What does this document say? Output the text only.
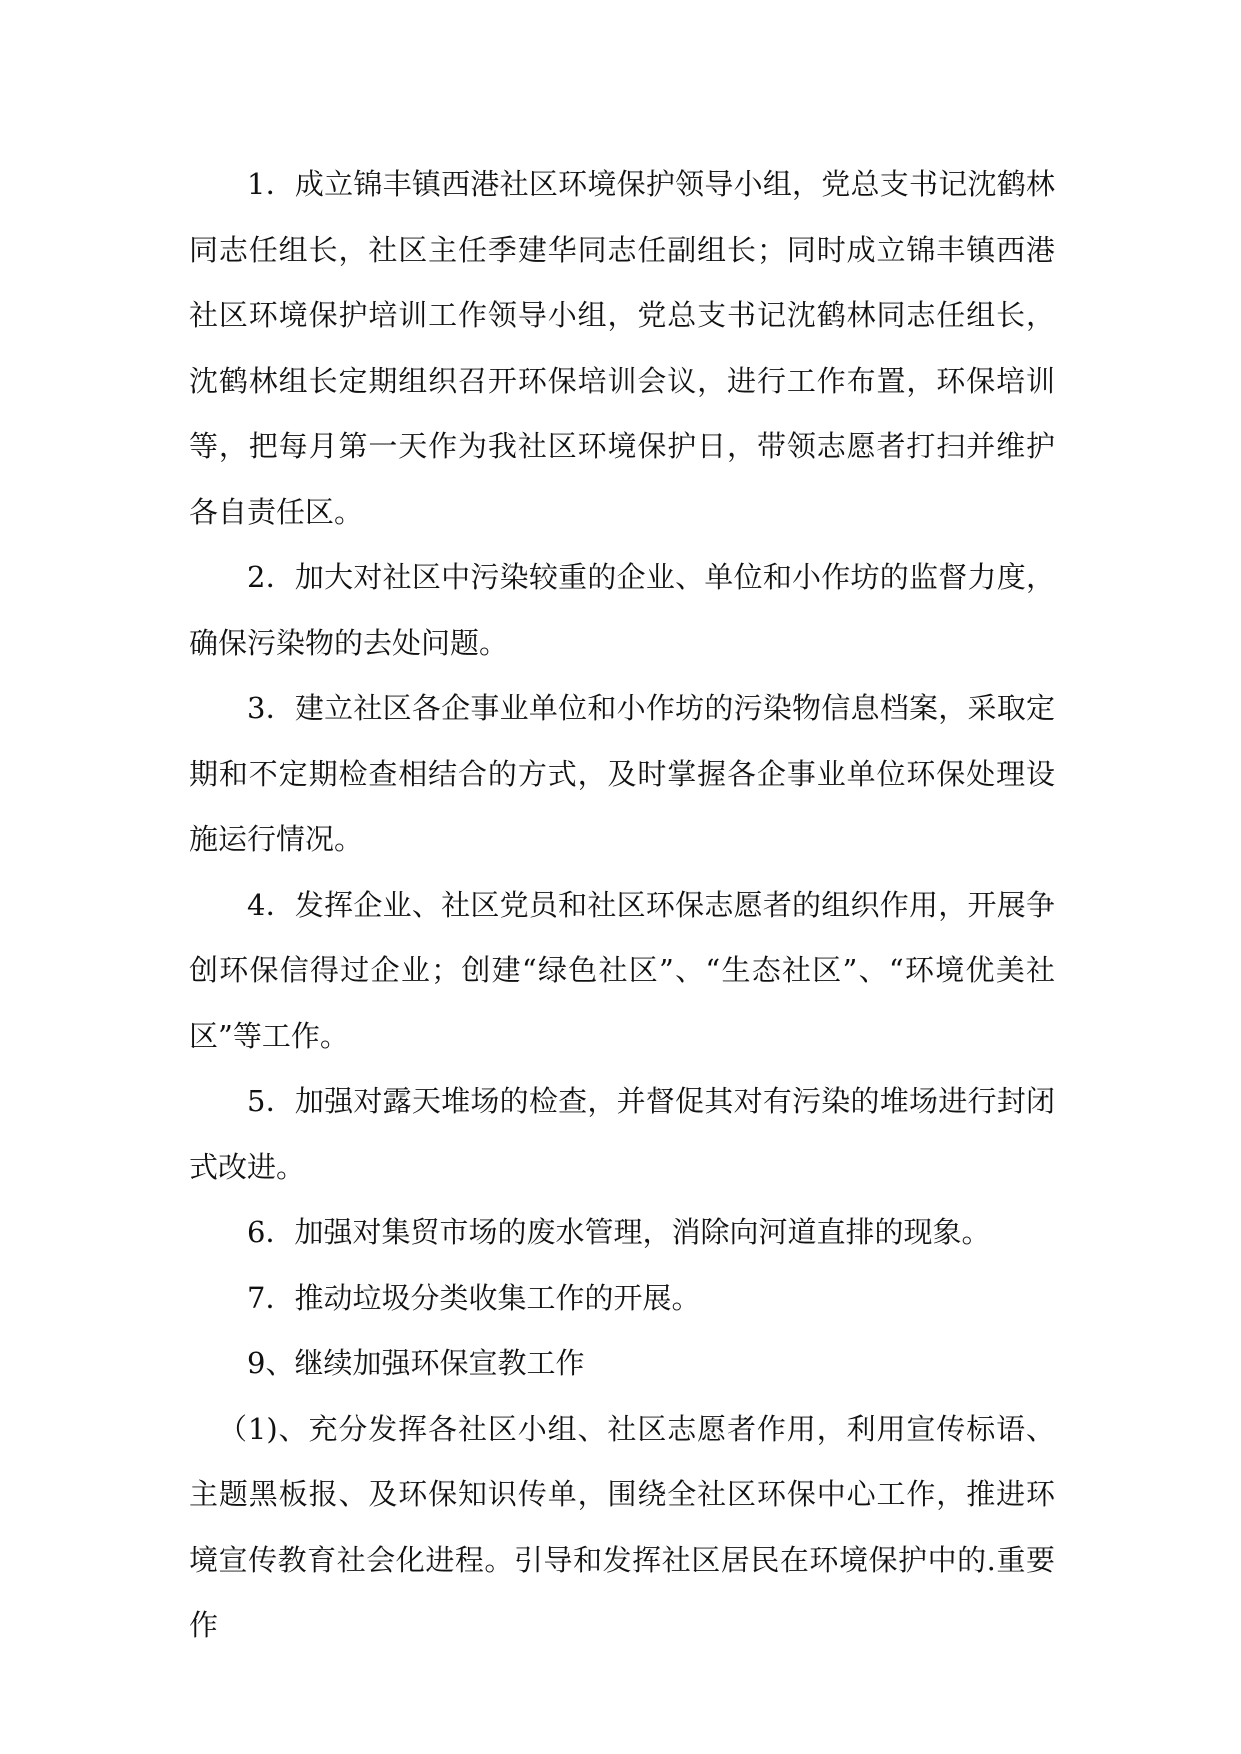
1．成立锦丰镇西港社区环境保护领导小组，党总支书记沈鹤林同志任组长，社区主任季建华同志任副组长；同时成立锦丰镇西港社区环境保护培训工作领导小组，党总支书记沈鹤林同志任组长，沈鹤林组长定期组织召开环保培训会议，进行工作布置，环保培训等，把每月第一天作为我社区环境保护日，带领志愿者打扫并维护各自责任区。

2．加大对社区中污染较重的企业、单位和小作坊的监督力度，确保污染物的去处问题。

3．建立社区各企事业单位和小作坊的污染物信息档案，采取定期和不定期检查相结合的方式，及时掌握各企事业单位环保处理设施运行情况。

4．发挥企业、社区党员和社区环保志愿者的组织作用，开展争创环保信得过企业；创建“绿色社区”、“生态社区”、“环境优美社区”等工作。

5．加强对露天堆场的检查，并督促其对有污染的堆场进行封闭式改进。

6．加强对集贸市场的废水管理，消除向河道直排的现象。

7．推动垃圾分类收集工作的开展。

9、继续加强环保宣教工作

（1)、充分发挥各社区小组、社区志愿者作用，利用宣传标语、主题黑板报、及环保知识传单，围绕全社区环保中心工作，推进环境宣传教育社会化进程。引导和发挥社区居民在环境保护中的.重要作
